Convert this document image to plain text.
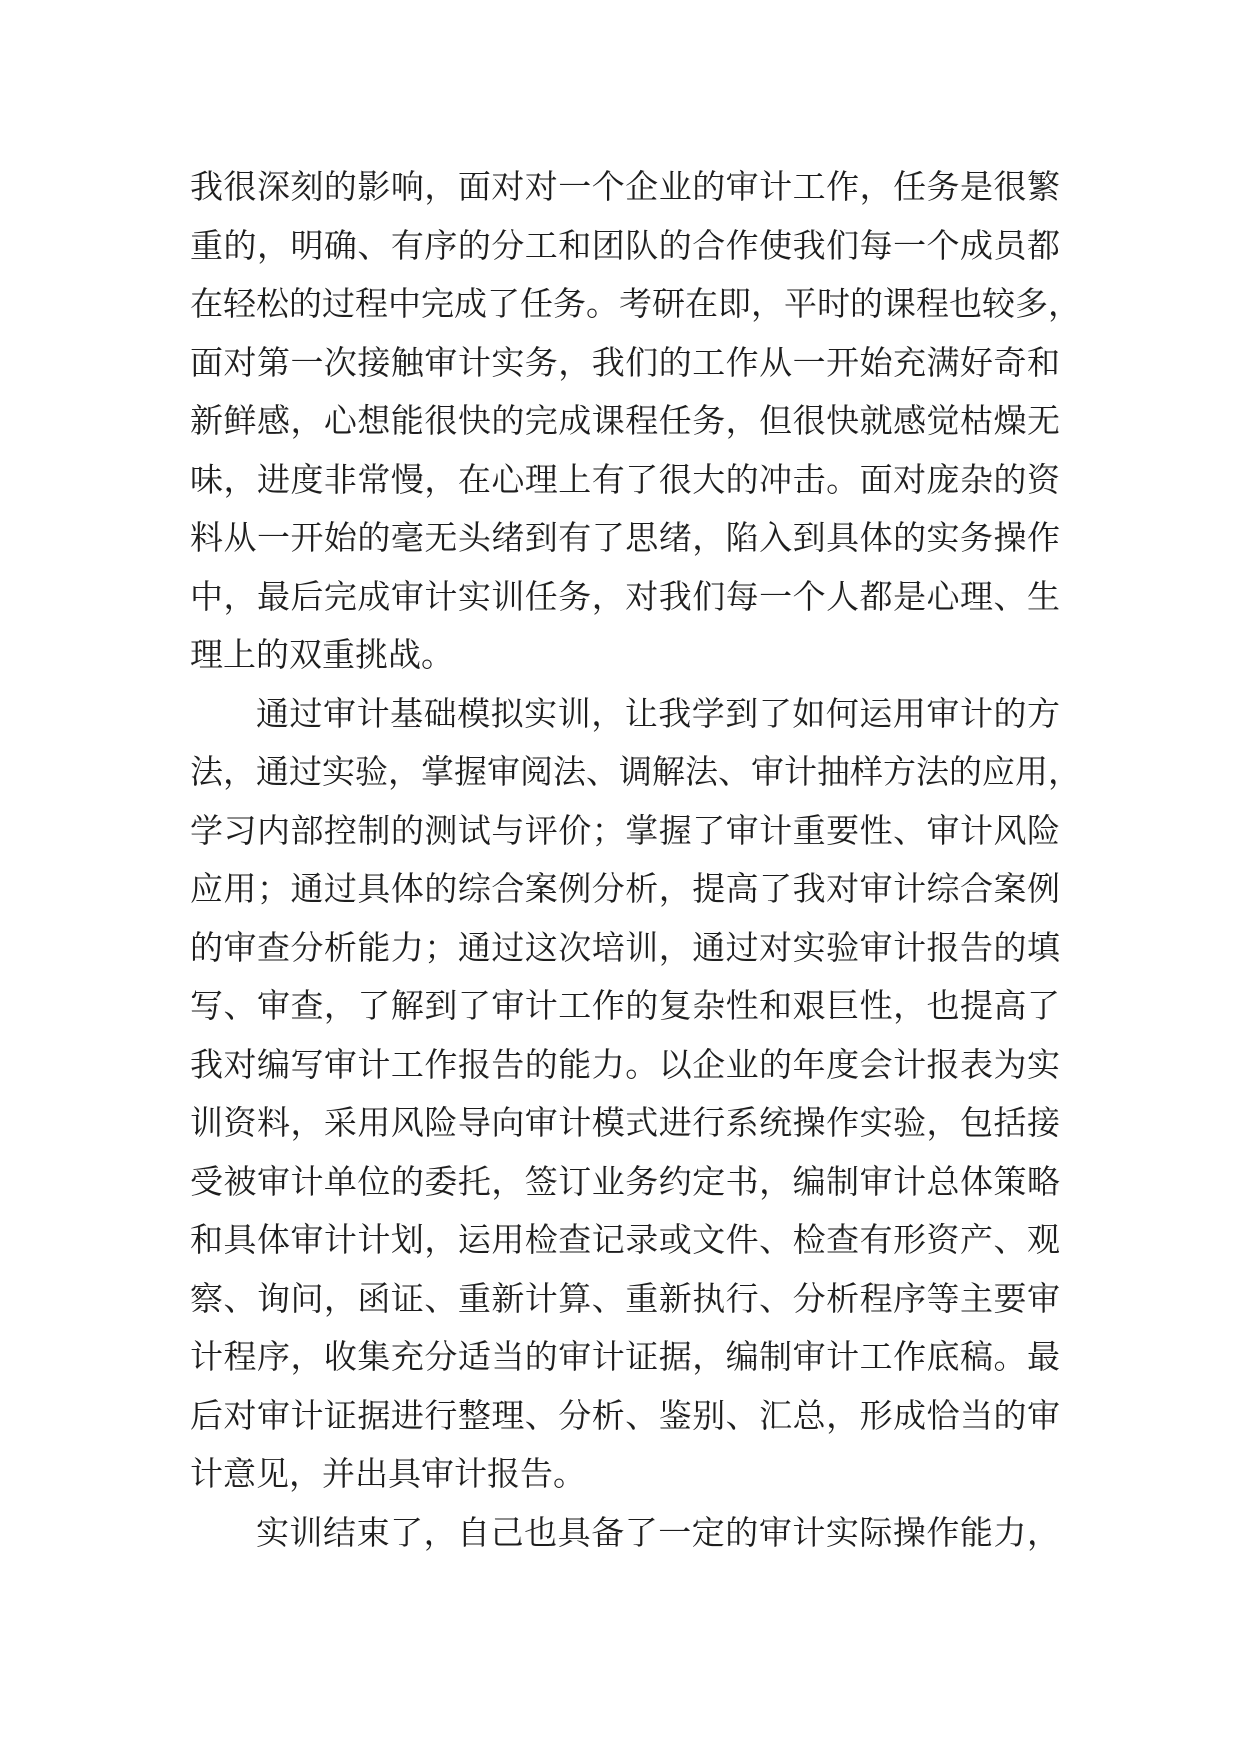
我很深刻的影响，面对对一个企业的审计工作，任务是很繁
重的，明确、有序的分工和团队的合作使我们每一个成员都
在轻松的过程中完成了任务。考研在即，平时的课程也较多，
面对第一次接触审计实务，我们的工作从一开始充满好奇和
新鲜感，心想能很快的完成课程任务，但很快就感觉枯燥无
味，进度非常慢，在心理上有了很大的冲击。面对庞杂的资
料从一开始的毫无头绪到有了思绪，陷入到具体的实务操作
中，最后完成审计实训任务，对我们每一个人都是心理、生
理上的双重挑战。
通过审计基础模拟实训，让我学到了如何运用审计的方
法，通过实验，掌握审阅法、调解法、审计抽样方法的应用，
学习内部控制的测试与评价；掌握了审计重要性、审计风险
应用；通过具体的综合案例分析，提高了我对审计综合案例
的审查分析能力；通过这次培训，通过对实验审计报告的填
写、审查，了解到了审计工作的复杂性和艰巨性，也提高了
我对编写审计工作报告的能力。以企业的年度会计报表为实
训资料，采用风险导向审计模式进行系统操作实验，包括接
受被审计单位的委托，签订业务约定书，编制审计总体策略
和具体审计计划，运用检查记录或文件、检查有形资产、观
察、询问，函证、重新计算、重新执行、分析程序等主要审
计程序，收集充分适当的审计证据，编制审计工作底稿。最
后对审计证据进行整理、分析、鉴别、汇总，形成恰当的审
计意见，并出具审计报告。
实训结束了，自己也具备了一定的审计实际操作能力，
